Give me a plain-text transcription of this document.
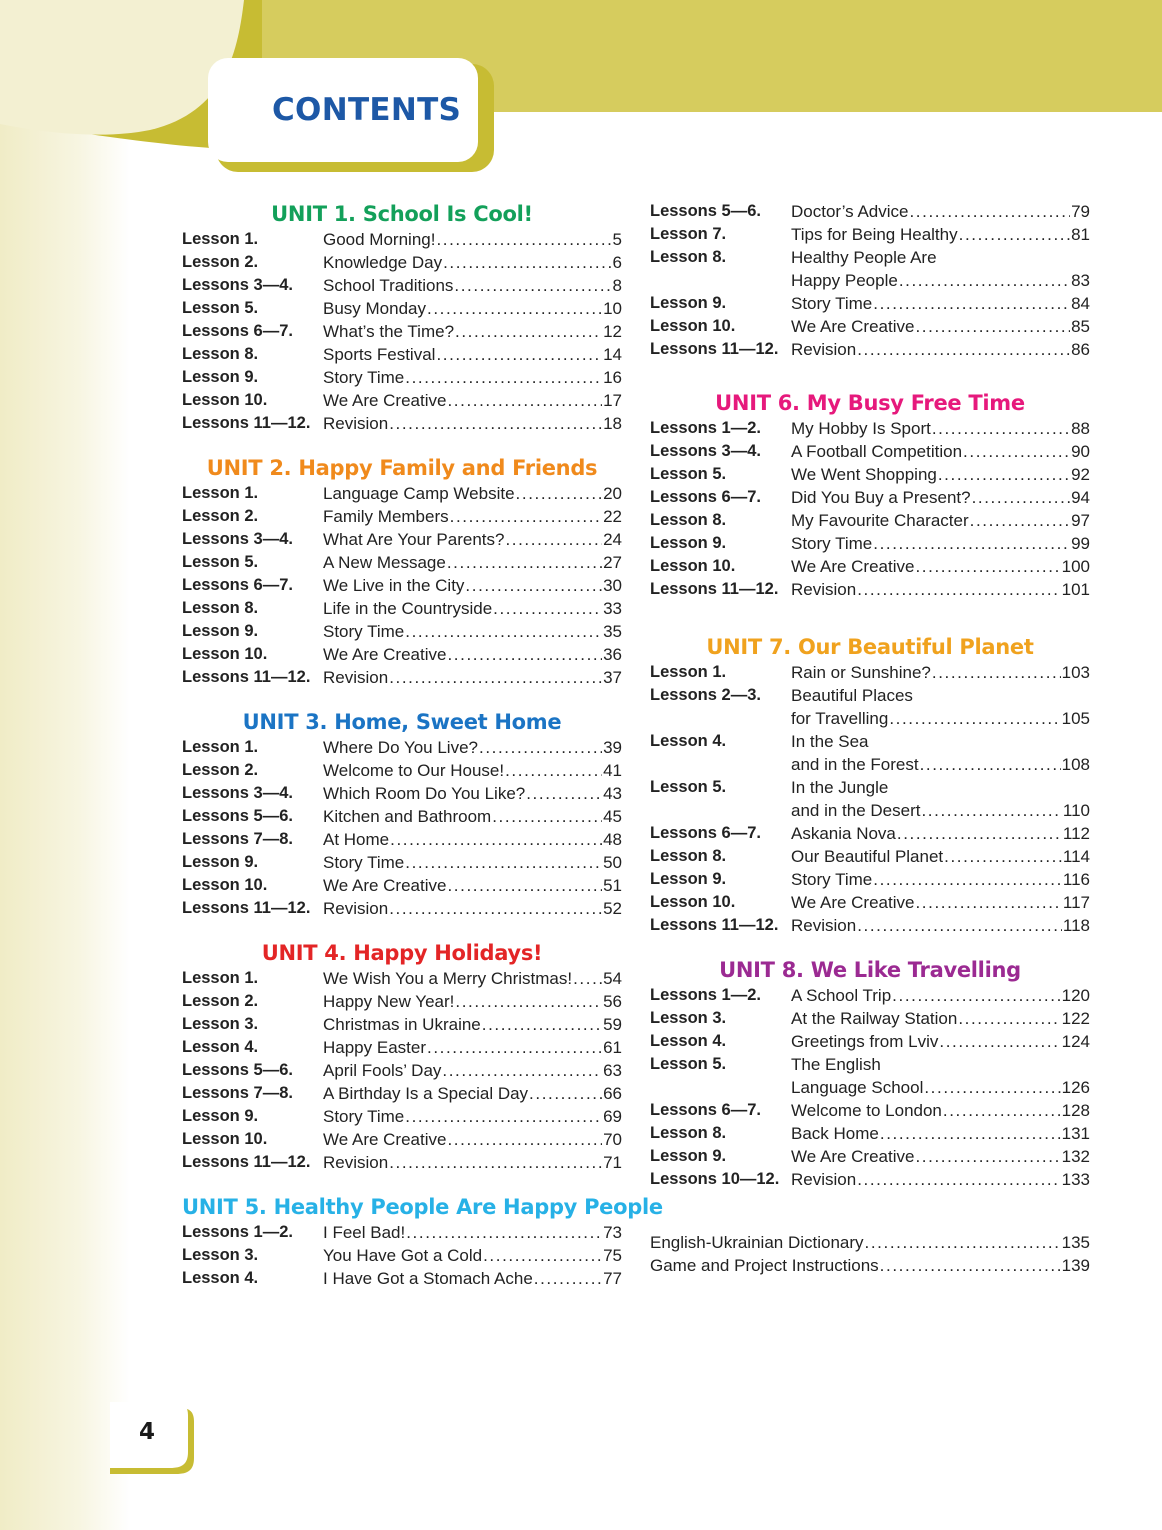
CONTENTS
UNIT 1. School Is Cool!
Lesson 1.	Good Morning! .....	5
Lesson 2.	Knowledge Day .....	6
Lessons 3—4.	School Traditions .....	8
Lesson 5.	Busy Monday .....	10
Lessons 6—7.	What’s the Time? .....	12
Lesson 8.	Sports Festival .....	14
Lesson 9.	Story Time .....	16
Lesson 10.	We Are Creative .....	17
Lessons 11—12. Revision .....	18
UNIT 2. Happy Family and Friends
Lesson 1.	Language Camp Website .....	20
Lesson 2.	Family Members .....	22
Lessons 3—4.	What Are Your Parents? .....	24
Lesson 5.	A New Message .....	27
Lessons 6—7.	We Live in the City .....	30
Lesson 8.	Life in the Countryside .....	33
Lesson 9.	Story Time .....	35
Lesson 10.	We Are Creative .....	36
Lessons 11—12. Revision .....	37
UNIT 3. Home, Sweet Home
Lesson 1.	Where Do You Live? .....	39
Lesson 2.	Welcome to Our House! .....	41
Lessons 3—4.	Which Room Do You Like? .....	43
Lessons 5—6.	Kitchen and Bathroom .....	45
Lessons 7—8.	At Home .....	48
Lesson 9.	Story Time .....	50
Lesson 10.	We Are Creative .....	51
Lessons 11—12. Revision .....	52
UNIT 4. Happy Holidays!
Lesson 1.	We Wish You a Merry Christmas! ..... 54
Lesson 2.	Happy New Year! .....	56
Lesson 3.	Christmas in Ukraine .....	59
Lesson 4.	Happy Easter .....	61
Lessons 5—6.	April Fools’ Day .....	63
Lessons 7—8.	A Birthday Is a Special Day .....	66
Lesson 9.	Story Time .....	69
Lesson 10.	We Are Creative .....	70
Lessons 11—12. Revision .....	71
UNIT 5. Healthy People Are Happy People
Lessons 1—2.	I Feel Bad! .....	73
Lesson 3.	You Have Got a Cold .....	75
Lesson 4.	I Have Got a Stomach Ache .....	77
Lessons 5—6.	Doctor’s Advice .....	79
Lesson 7.	Tips for Being Healthy .....	81
Lesson 8.	Healthy People Are
Happy People .....	83
Lesson 9.	Story Time .....	84
Lesson 10.	We Are Creative .....	85
Lessons 11—12. Revision .....	86
UNIT 6. My Busy Free Time
Lessons 1—2.	My Hobby Is Sport .....	88
Lessons 3—4.	A Football Competition .....	90
Lesson 5.	We Went Shopping .....	92
Lessons 6—7.	Did You Buy a Present? .....	94
Lesson 8.	My Favourite Character .....	97
Lesson 9.	Story Time .....	99
Lesson 10.	We Are Creative .....	100
Lessons 11—12. Revision .....	101
UNIT 7. Our Beautiful Planet
Lesson 1.	Rain or Sunshine? .....	103
Lessons 2—3.	Beautiful Places
for Travelling .....	105
Lesson 4.	In the Sea
and in the Forest .....	108
Lesson 5.	In the Jungle
and in the Desert .....	110
Lessons 6—7.	Askania Nova .....	112
Lesson 8.	Our Beautiful Planet .....	114
Lesson 9.	Story Time .....	116
Lesson 10.	We Are Creative .....	117
Lessons 11—12. Revision .....	118
UNIT 8. We Like Travelling
Lessons 1—2.	A School Trip .....	120
Lesson 3.	At the Railway Station .....	122
Lesson 4.	Greetings from Lviv .....	124
Lesson 5.	The English
Language School .....	126
Lessons 6—7.	Welcome to London .....	128
Lesson 8.	Back Home .....	131
Lesson 9.	We Are Creative .....	132
Lessons 10—12. Revision .....	133
English-Ukrainian Dictionary .....	135
Game and Project Instructions .....	139
4
